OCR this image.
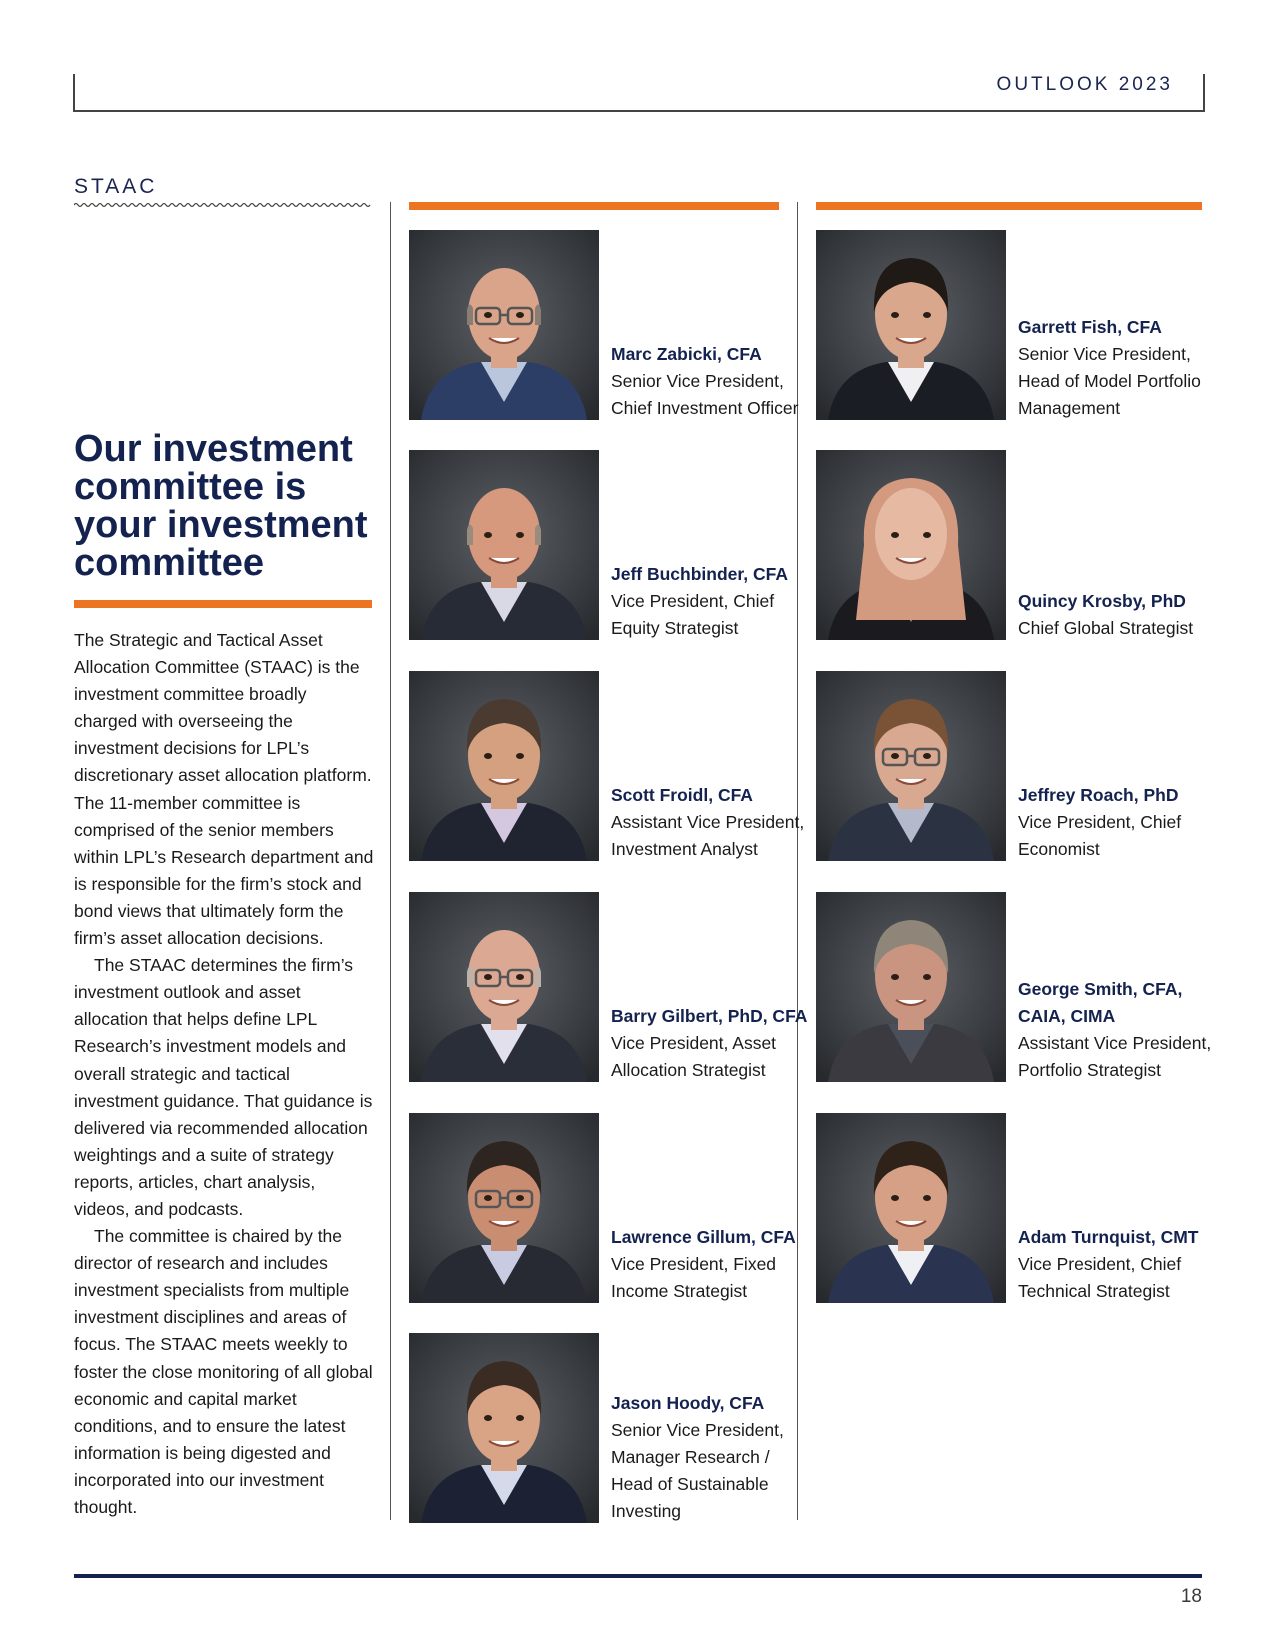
OUTLOOK 2023
STAAC
Our investment committee is your investment committee

The Strategic and Tactical Asset Allocation Committee (STAAC) is the investment committee broadly charged with overseeing the investment decisions for LPL’s discretionary asset allocation platform. The 11-member committee is comprised of the senior members within LPL’s Research department and is responsible for the firm’s stock and bond views that ultimately form the firm’s asset allocation decisions.

The STAAC determines the firm’s investment outlook and asset allocation that helps define LPL Research’s investment models and overall strategic and tactical investment guidance. That guidance is delivered via recommended allocation weightings and a suite of strategy reports, articles, chart analysis, videos, and podcasts.

The committee is chaired by the director of research and includes investment specialists from multiple investment disciplines and areas of focus. The STAAC meets weekly to foster the close monitoring of all global economic and capital market conditions, and to ensure the latest information is being digested and incorporated into our investment thought.

Marc Zabicki, CFA
Senior Vice President, Chief Investment Officer
Jeff Buchbinder, CFA
Vice President, Chief Equity Strategist
Scott Froidl, CFA
Assistant Vice President, Investment Analyst
Barry Gilbert, PhD, CFA
Vice President, Asset Allocation Strategist
Lawrence Gillum, CFA
Vice President, Fixed Income Strategist
Jason Hoody, CFA
Senior Vice President, Manager Research / Head of Sustainable Investing
Garrett Fish, CFA
Senior Vice President, Head of Model Portfolio Management
Quincy Krosby, PhD
Chief Global Strategist
Jeffrey Roach, PhD
Vice President, Chief Economist
George Smith, CFA, CAIA, CIMA
Assistant Vice President, Portfolio Strategist
Adam Turnquist, CMT
Vice President, Chief Technical Strategist
18
